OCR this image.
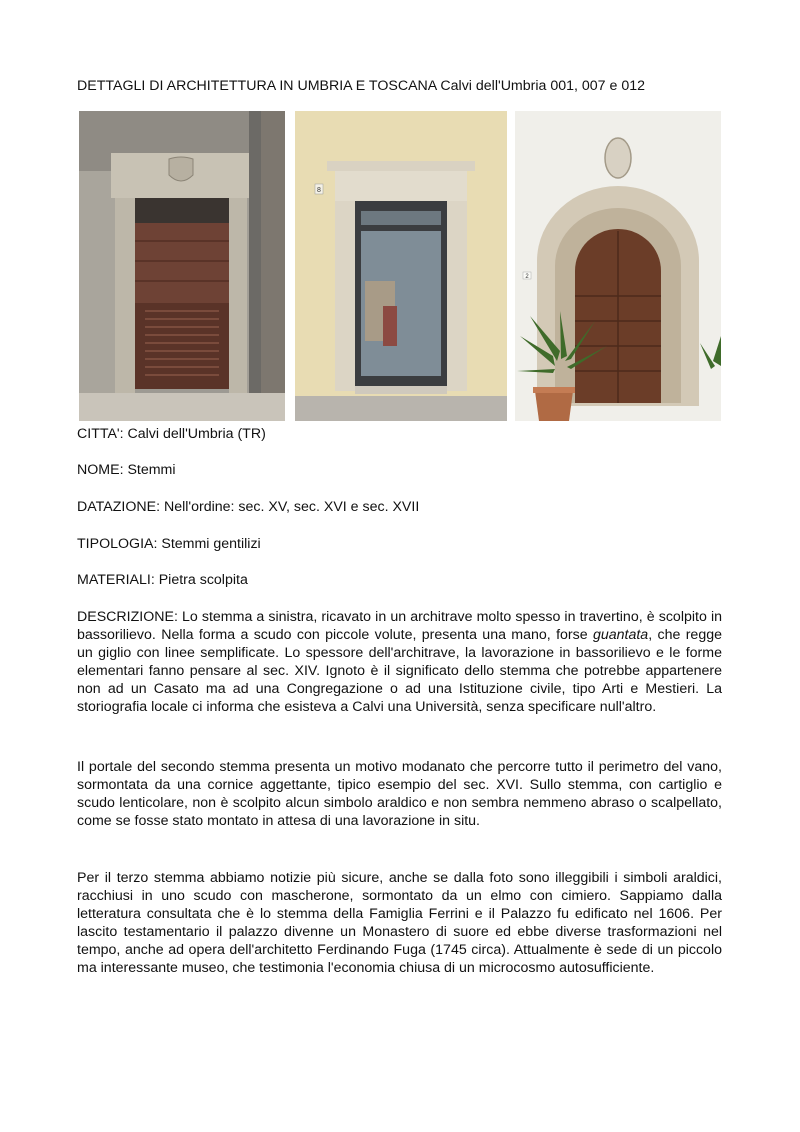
DETTAGLI DI ARCHITETTURA IN UMBRIA E TOSCANA Calvi dell'Umbria 001, 007 e 012
8
2
CITTA': Calvi dell'Umbria (TR)
NOME: Stemmi
DATAZIONE: Nell'ordine: sec. XV, sec. XVI e sec. XVII
TIPOLOGIA: Stemmi gentilizi
MATERIALI: Pietra scolpita

DESCRIZIONE: Lo stemma a sinistra, ricavato in un architrave molto spesso in travertino, è scolpito in bassorilievo. Nella forma a scudo con piccole volute, presenta una mano, forse guantata, che regge un giglio con linee semplificate. Lo spessore dell'architrave, la lavorazione in bassorilievo e le forme elementari fanno pensare al sec. XIV. Ignoto è il significato dello stemma che potrebbe appartenere non ad un Casato ma ad una Congregazione o ad una Istituzione civile, tipo Arti e Mestieri. La storiografia locale ci informa che esisteva a Calvi una Università, senza specificare null'altro.

Il portale del secondo stemma presenta un motivo modanato che percorre tutto il perimetro del vano, sormontata da una cornice aggettante, tipico esempio del sec. XVI. Sullo stemma, con cartiglio e scudo lenticolare, non è scolpito alcun simbolo araldico e non sembra nemmeno abraso o scalpellato, come se fosse stato montato in attesa di una lavorazione in situ.

Per il terzo stemma abbiamo notizie più sicure, anche se dalla foto sono illeggibili i simboli araldici, racchiusi in uno scudo con mascherone, sormontato da un elmo con cimiero. Sappiamo dalla letteratura consultata che è lo stemma della Famiglia Ferrini e il Palazzo fu edificato nel 1606. Per lascito testamentario il palazzo divenne un Monastero di suore ed ebbe diverse trasformazioni nel tempo, anche ad opera dell'architetto Ferdinando Fuga (1745 circa). Attualmente è sede di un piccolo ma interessante museo, che testimonia l'economia chiusa di un microcosmo autosufficiente.
